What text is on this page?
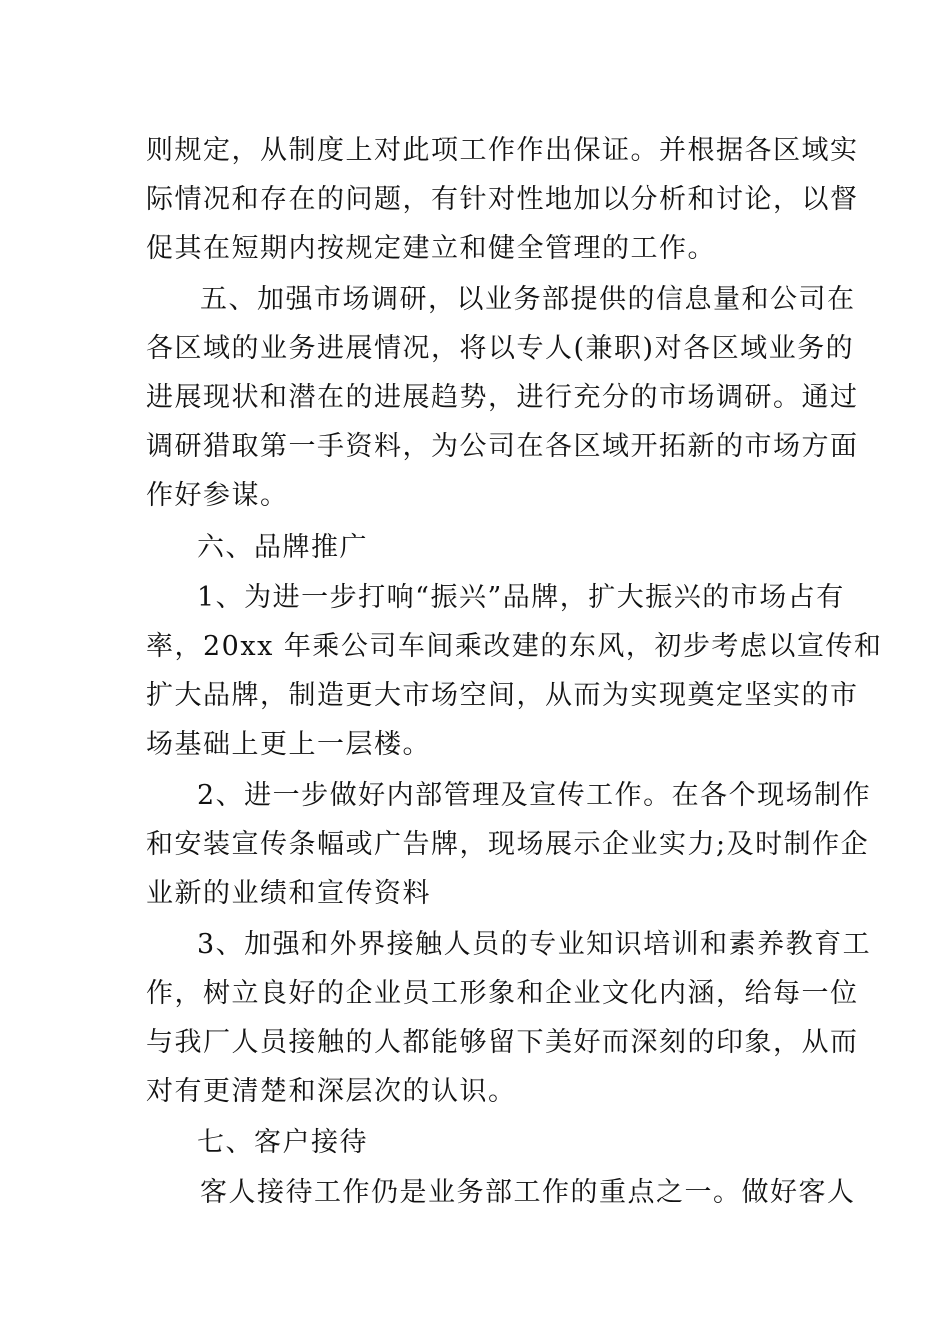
则规定，从制度上对此项工作作出保证。并根据各区域实
际情况和存在的问题，有针对性地加以分析和讨论，以督
促其在短期内按规定建立和健全管理的工作。
五、加强市场调研，以业务部提供的信息量和公司在
各区域的业务进展情况，将以专人(兼职)对各区域业务的
进展现状和潜在的进展趋势，进行充分的市场调研。通过
调研猎取第一手资料，为公司在各区域开拓新的市场方面
作好参谋。
六、品牌推广
1、为进一步打响“振兴”品牌，扩大振兴的市场占有
率，20xx 年乘公司车间乘改建的东风，初步考虑以宣传和
扩大品牌，制造更大市场空间，从而为实现奠定坚实的市
场基础上更上一层楼。
2、进一步做好内部管理及宣传工作。在各个现场制作
和安装宣传条幅或广告牌，现场展示企业实力;及时制作企
业新的业绩和宣传资料
3、加强和外界接触人员的专业知识培训和素养教育工
作，树立良好的企业员工形象和企业文化内涵，给每一位
与我厂人员接触的人都能够留下美好而深刻的印象，从而
对有更清楚和深层次的认识。
七、客户接待
客人接待工作仍是业务部工作的重点之一。做好客人
